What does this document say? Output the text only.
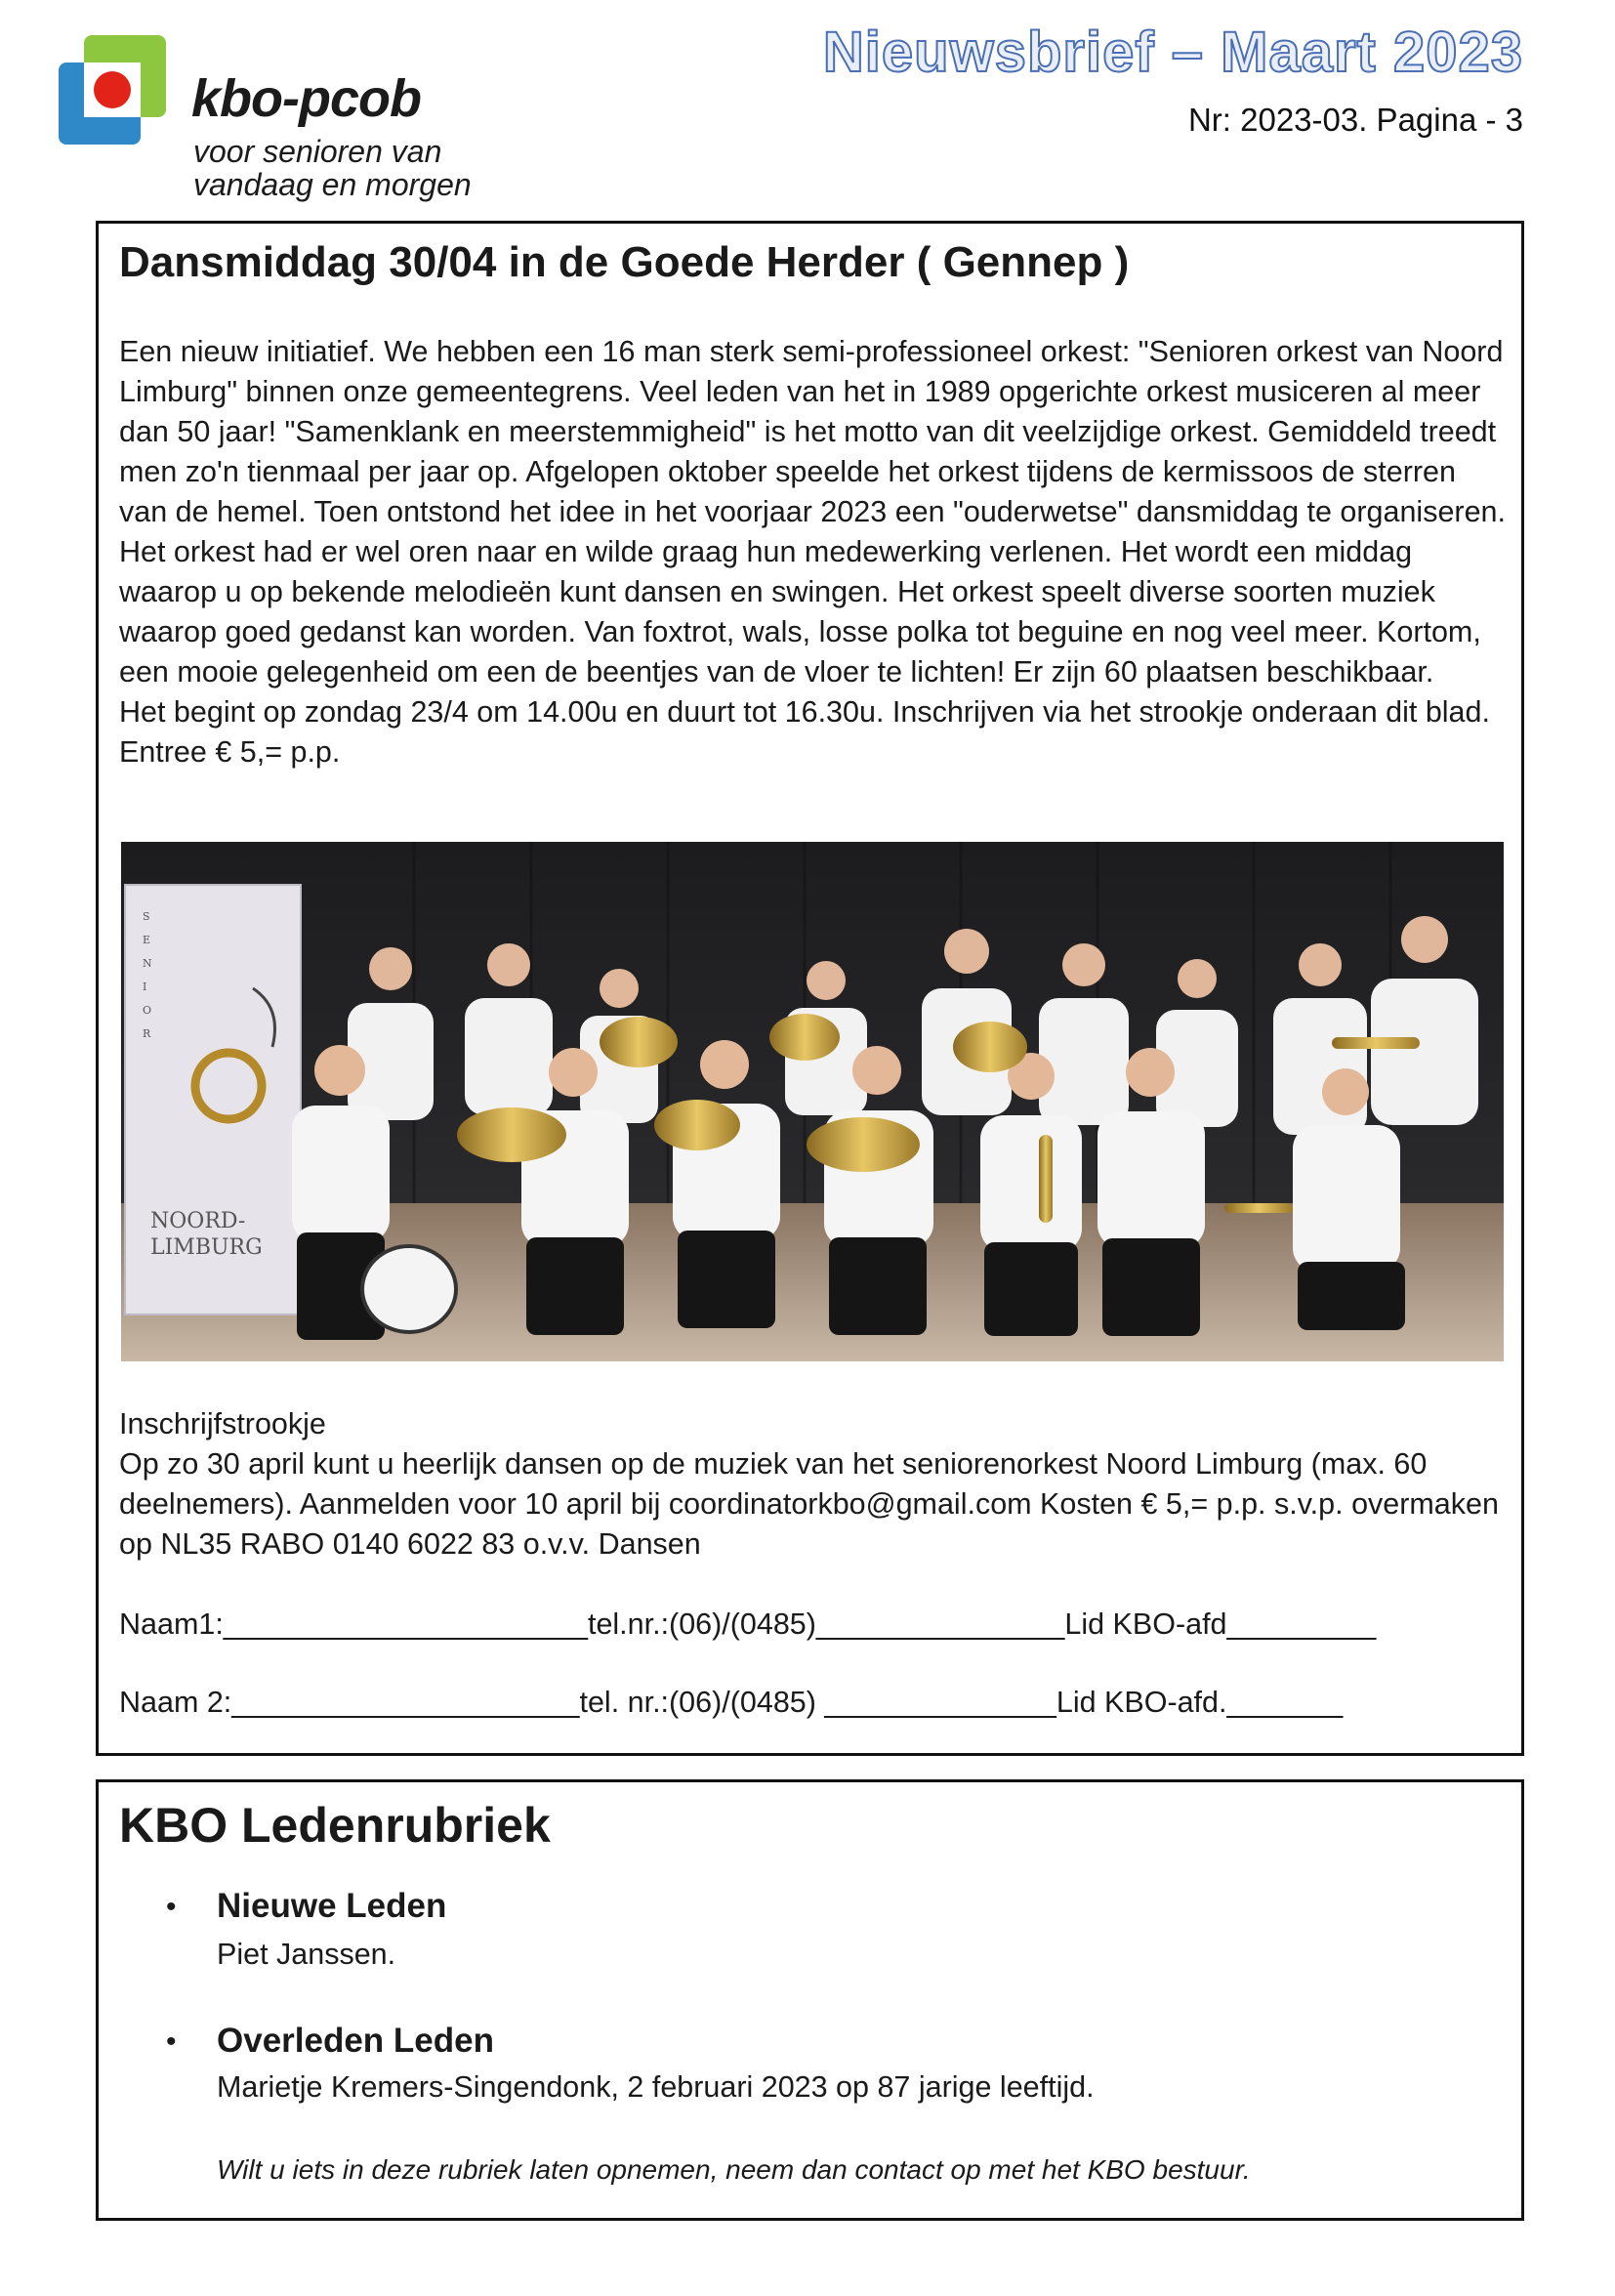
kbo-pcob
voor senioren van
vandaag en morgen
Nieuwsbrief – Maart 2023
Nr: 2023-03. Pagina - 3
Dansmiddag 30/04 in de Goede Herder ( Gennep )

Een nieuw initiatief. We hebben een 16 man sterk semi-professioneel orkest: "Senioren orkest van Noord Limburg" binnen onze gemeentegrens. Veel leden van het in 1989 opgerichte orkest musiceren al meer dan 50 jaar! "Samenklank en meerstemmigheid" is het motto van dit veelzijdige orkest. Gemiddeld treedt men zo'n tienmaal per jaar op. Afgelopen oktober speelde het orkest tijdens de kermissoos de sterren van de hemel. Toen ontstond het idee in het voorjaar 2023 een "ouderwetse" dansmiddag te organiseren. Het orkest had er wel oren naar en wilde graag hun medewerking verlenen. Het wordt een middag waarop u op bekende melodieën kunt dansen en swingen. Het orkest speelt diverse soorten muziek waarop goed gedanst kan worden. Van foxtrot, wals, losse polka tot beguine en nog veel meer. Kortom, een mooie gelegenheid om een de beentjes van de vloer te lichten! Er zijn 60 plaatsen beschikbaar.

Het begint op zondag 23/4 om 14.00u en duurt tot 16.30u. Inschrijven via het strookje onderaan dit blad. Entree € 5,= p.p.

S
E
N
I
O
R
NOORD-
LIMBURG

Inschrijfstrookje

Op zo 30 april kunt u heerlijk dansen op de muziek van het seniorenorkest Noord Limburg (max. 60 deelnemers). Aanmelden voor 10 april bij coordinatorkbo@gmail.com Kosten € 5,= p.p. s.v.p. overmaken op NL35 RABO 0140 6022 83 o.v.v. Dansen

Naam1:______________________tel.nr.:(06)/(0485)_______________Lid KBO-afd_________
Naam 2:_____________________tel. nr.:(06)/(0485) ______________Lid KBO-afd._______
KBO Ledenrubriek
• Nieuwe Leden
Piet Janssen.
• Overleden Leden
Marietje Kremers-Singendonk, 2 februari 2023 op 87 jarige leeftijd.
Wilt u iets in deze rubriek laten opnemen, neem dan contact op met het KBO bestuur.
